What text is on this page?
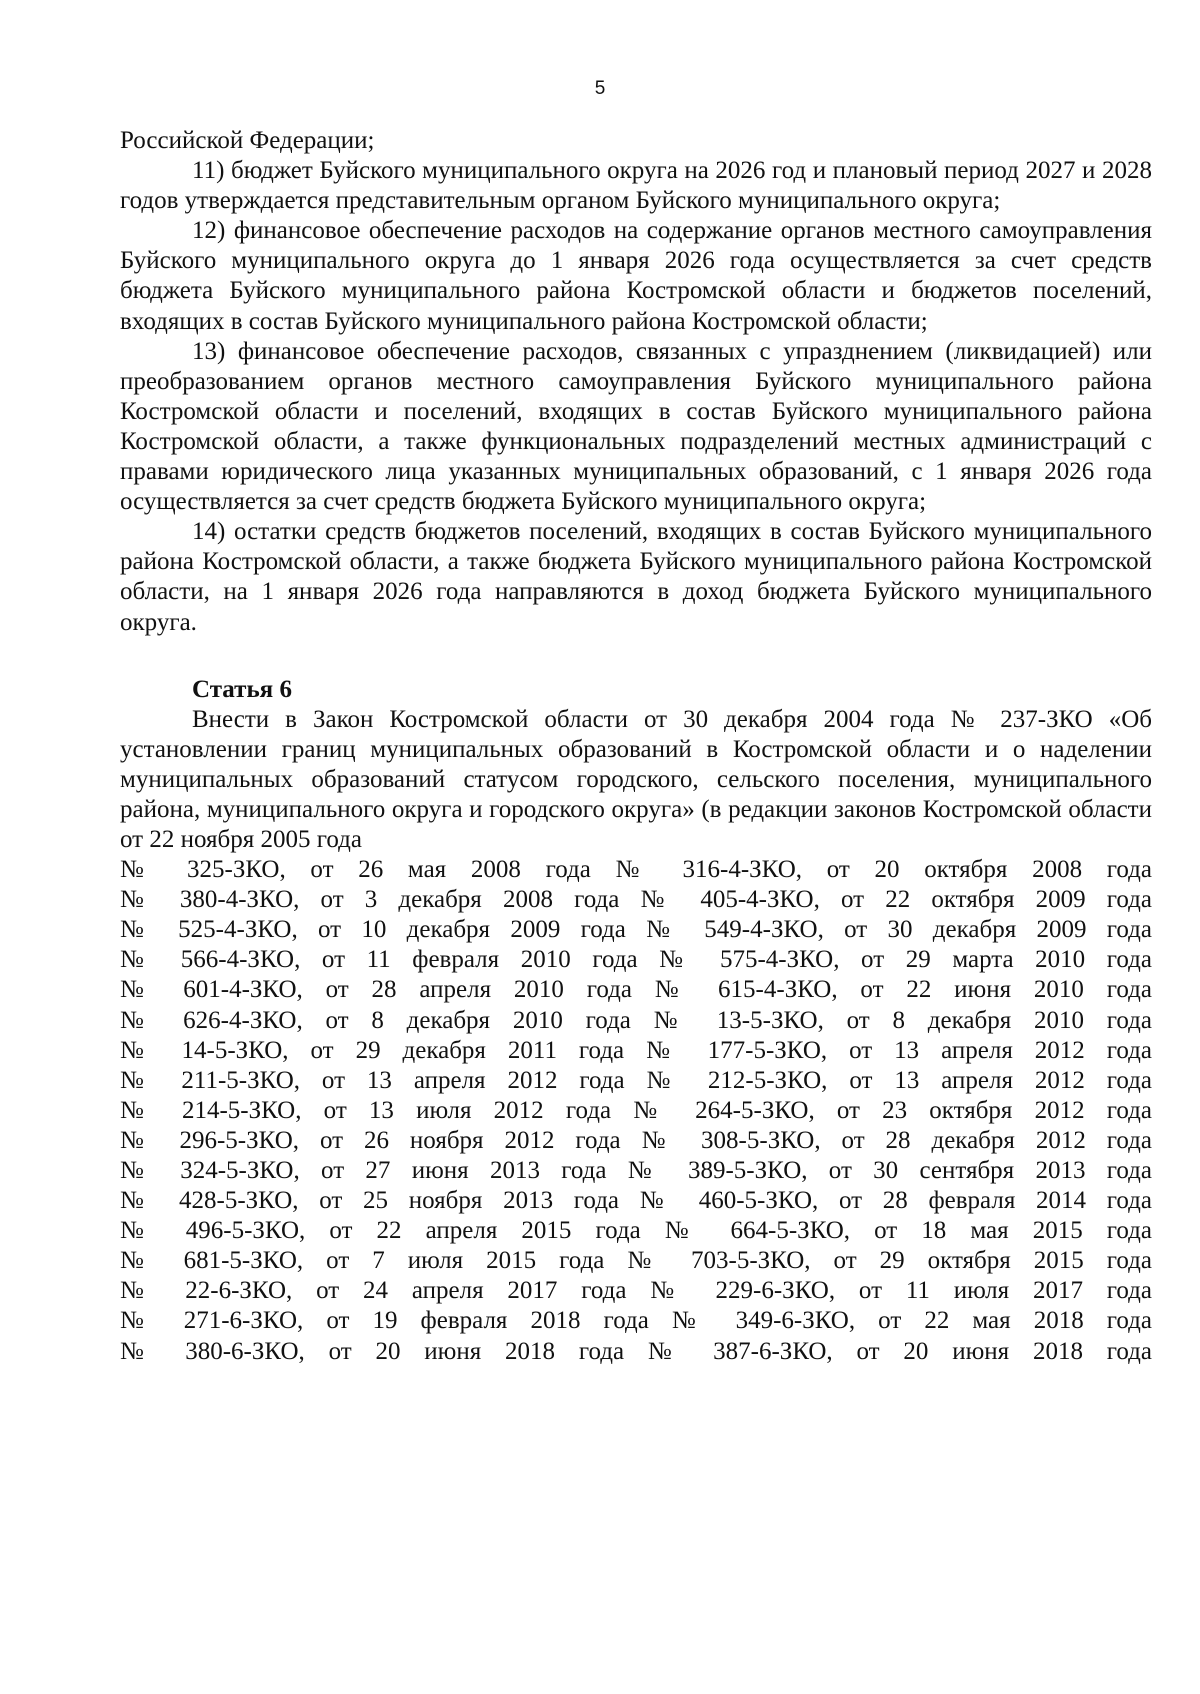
5

Российской Федерации;

11) бюджет Буйского муниципального округа на 2026 год и плановый период 2027 и 2028 годов утверждается представительным органом Буйского муниципального округа;

12) финансовое обеспечение расходов на содержание органов местного самоуправления Буйского муниципального округа до 1 января 2026 года осуществляется за счет средств бюджета Буйского муниципального района Костромской области и бюджетов поселений, входящих в состав Буйского муниципального района Костромской области;

13) финансовое обеспечение расходов, связанных с упразднением (ликвидацией) или преобразованием органов местного самоуправления Буйского муниципального района Костромской области и поселений, входящих в состав Буйского муниципального района Костромской области, а также функциональных подразделений местных администраций с правами юридического лица указанных муниципальных образований, с 1 января 2026 года осуществляется за счет средств бюджета Буйского муниципального округа;

14) остатки средств бюджетов поселений, входящих в состав Буйского муниципального района Костромской области, а также бюджета Буйского муниципального района Костромской области, на 1 января 2026 года направляются в доход бюджета Буйского муниципального округа.

Статья 6

Внести в Закон Костромской области от 30 декабря 2004 года № 237-ЗКО «Об установлении границ муниципальных образований в Костромской области и о наделении муниципальных образований статусом городского, сельского поселения, муниципального района, муниципального округа и городского округа» (в редакции законов Костромской области от 22 ноября 2005 года

№ 325-ЗКО, от 26 мая 2008 года № 316-4-ЗКО, от 20 октября 2008 года

№ 380-4-ЗКО, от 3 декабря 2008 года № 405-4-ЗКО, от 22 октября 2009 года

№ 525-4-ЗКО, от 10 декабря 2009 года № 549-4-ЗКО, от 30 декабря 2009 года

№ 566-4-ЗКО, от 11 февраля 2010 года № 575-4-ЗКО, от 29 марта 2010 года

№ 601-4-ЗКО, от 28 апреля 2010 года № 615-4-ЗКО, от 22 июня 2010 года

№ 626-4-ЗКО, от 8 декабря 2010 года № 13-5-ЗКО, от 8 декабря 2010 года

№ 14-5-ЗКО, от 29 декабря 2011 года № 177-5-ЗКО, от 13 апреля 2012 года

№ 211-5-ЗКО, от 13 апреля 2012 года № 212-5-ЗКО, от 13 апреля 2012 года

№ 214-5-ЗКО, от 13 июля 2012 года № 264-5-ЗКО, от 23 октября 2012 года

№ 296-5-ЗКО, от 26 ноября 2012 года № 308-5-ЗКО, от 28 декабря 2012 года

№ 324-5-ЗКО, от 27 июня 2013 года № 389-5-ЗКО, от 30 сентября 2013 года

№ 428-5-ЗКО, от 25 ноября 2013 года № 460-5-ЗКО, от 28 февраля 2014 года

№ 496-5-ЗКО, от 22 апреля 2015 года № 664-5-ЗКО, от 18 мая 2015 года

№ 681-5-ЗКО, от 7 июля 2015 года № 703-5-ЗКО, от 29 октября 2015 года

№ 22-6-ЗКО, от 24 апреля 2017 года № 229-6-ЗКО, от 11 июля 2017 года

№ 271-6-ЗКО, от 19 февраля 2018 года № 349-6-ЗКО, от 22 мая 2018 года

№ 380-6-ЗКО, от 20 июня 2018 года № 387-6-ЗКО, от 20 июня 2018 года
